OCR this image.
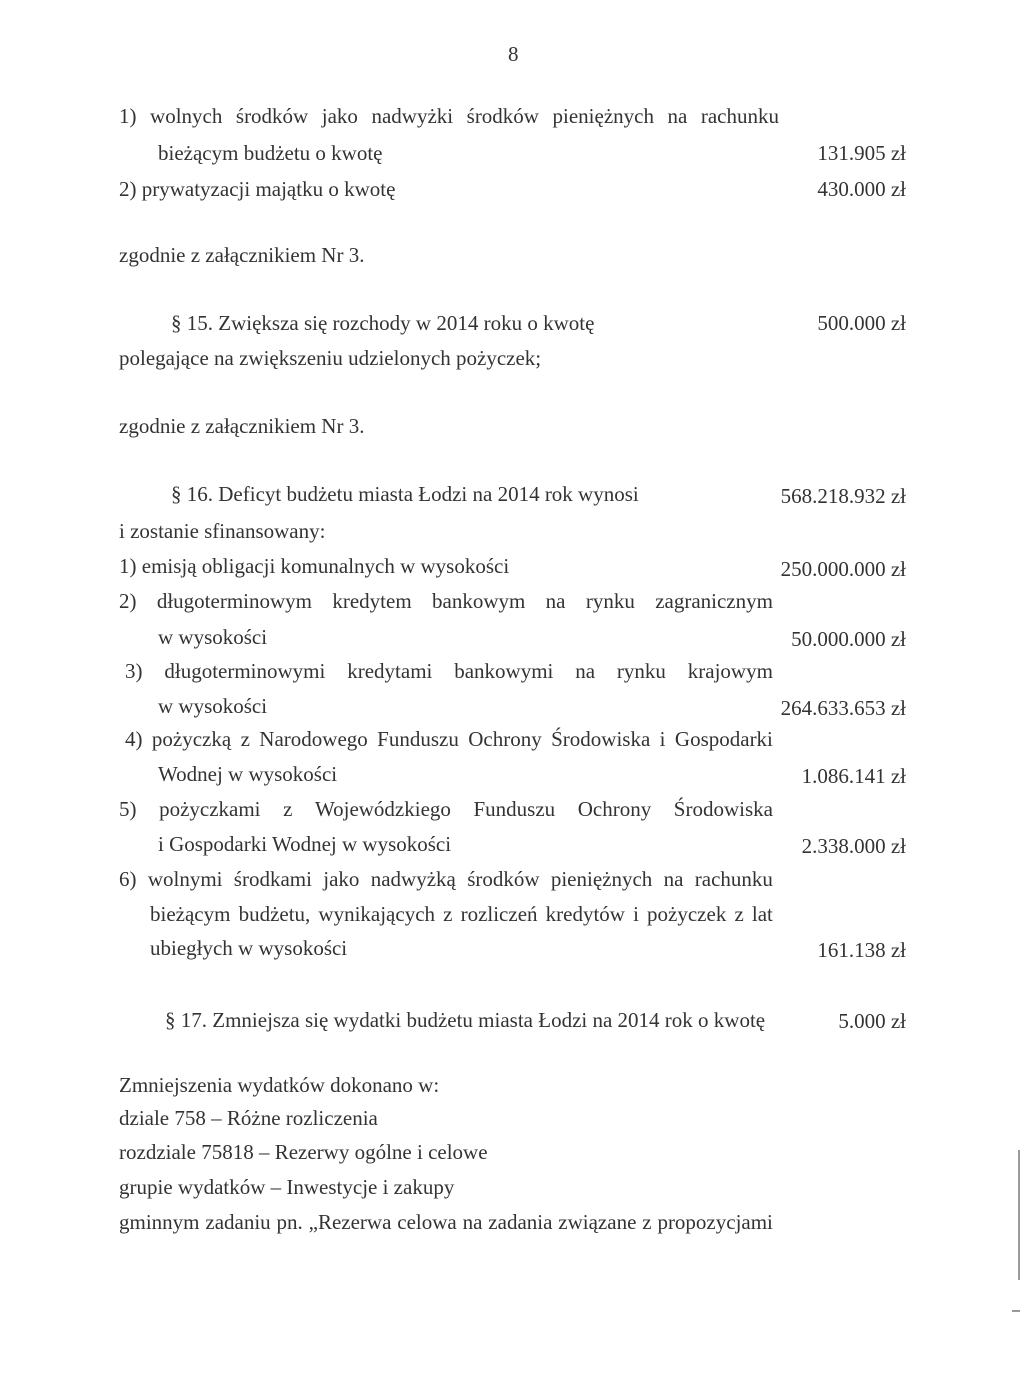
8
1) wolnych środków jako nadwyżki środków pieniężnych na rachunku
bieżącym budżetu o kwotę	131.905 zł
2) prywatyzacji majątku o kwotę	430.000 zł
zgodnie z załącznikiem Nr 3.
§ 15. Zwiększa się rozchody w 2014 roku o kwotę	500.000 zł
polegające na zwiększeniu udzielonych pożyczek;
zgodnie z załącznikiem Nr 3.
§ 16. Deficyt budżetu miasta Łodzi na 2014 rok wynosi	568.218.932 zł
i zostanie sfinansowany:
1) emisją obligacji komunalnych w wysokości	250.000.000 zł
2) długoterminowym kredytem bankowym na rynku zagranicznym
w wysokości	50.000.000 zł
3) długoterminowymi kredytami bankowymi na rynku krajowym
w wysokości	264.633.653 zł
4) pożyczką z Narodowego Funduszu Ochrony Środowiska i Gospodarki
Wodnej w wysokości	1.086.141 zł
5) pożyczkami z Wojewódzkiego Funduszu Ochrony Środowiska
i Gospodarki Wodnej w wysokości	2.338.000 zł
6) wolnymi środkami jako nadwyżką środków pieniężnych na rachunku
bieżącym budżetu, wynikających z rozliczeń kredytów i pożyczek z lat
ubiegłych w wysokości	161.138 zł
§ 17. Zmniejsza się wydatki budżetu miasta Łodzi na 2014 rok o kwotę	5.000 zł
Zmniejszenia wydatków dokonano w:
dziale 758 – Różne rozliczenia
rozdziale 75818 – Rezerwy ogólne i celowe
grupie wydatków – Inwestycje i zakupy
gminnym zadaniu pn. „Rezerwa celowa na zadania związane z propozycjami
